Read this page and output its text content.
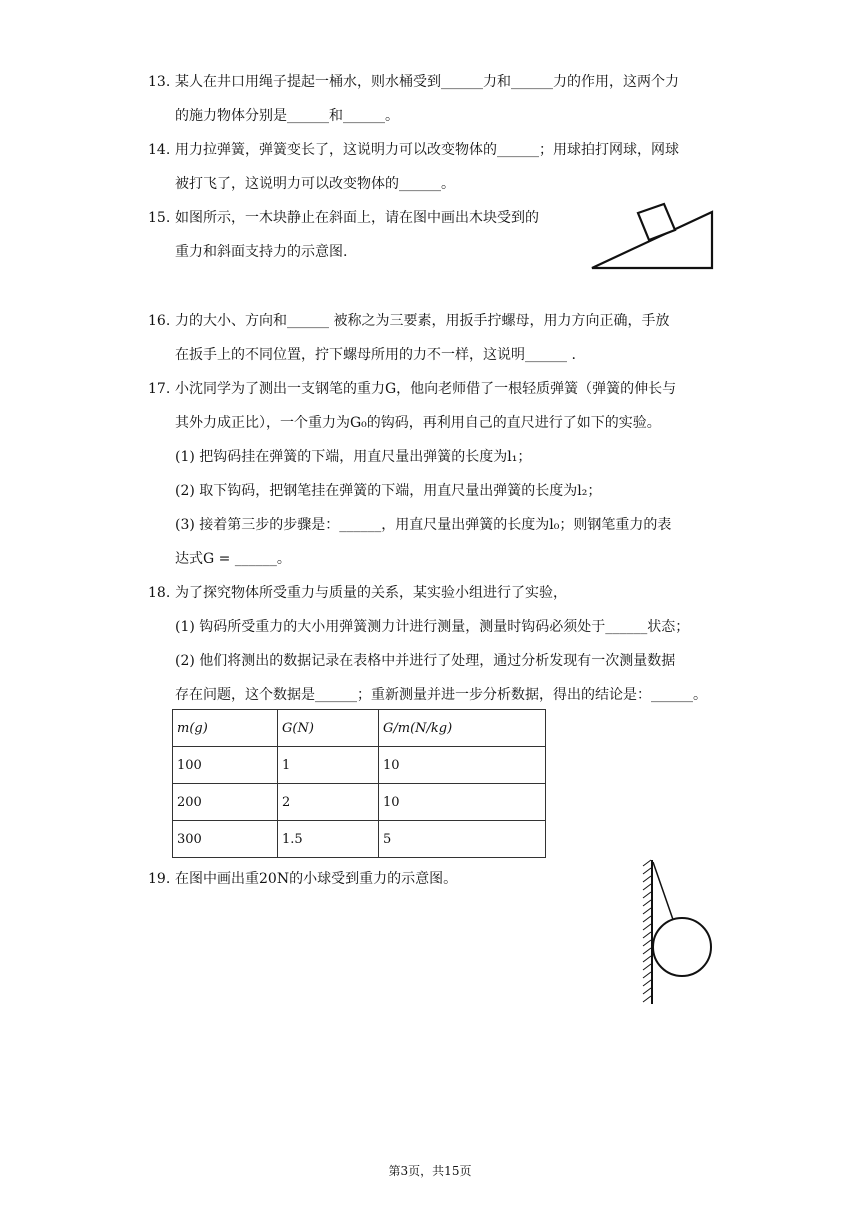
13. 某人在井口用绳子提起一桶水，则水桶受到______力和______力的作用，这两个力
的施力物体分别是______和______。
14. 用力拉弹簧，弹簧变长了，这说明力可以改变物体的______；用球拍打网球，网球
被打飞了，这说明力可以改变物体的______。
15. 如图所示，一木块静止在斜面上，请在图中画出木块受到的
重力和斜面支持力的示意图.
16. 力的大小、方向和______ 被称之为三要素，用扳手拧螺母，用力方向正确，手放
在扳手上的不同位置，拧下螺母所用的力不一样，这说明______ .
17. 小沈同学为了测出一支钢笔的重力G，他向老师借了一根轻质弹簧（弹簧的伸长与
其外力成正比），一个重力为G₀的钩码，再利用自己的直尺进行了如下的实验。
(1) 把钩码挂在弹簧的下端，用直尺量出弹簧的长度为l₁；
(2) 取下钩码，把钢笔挂在弹簧的下端，用直尺量出弹簧的长度为l₂；
(3) 接着第三步的步骤是：______，用直尺量出弹簧的长度为l₀；则钢笔重力的表
达式G = ______。
18. 为了探究物体所受重力与质量的关系，某实验小组进行了实验，
(1) 钩码所受重力的大小用弹簧测力计进行测量，测量时钩码必须处于______状态；
(2) 他们将测出的数据记录在表格中并进行了处理，通过分析发现有一次测量数据
存在问题，这个数据是______；重新测量并进一步分析数据，得出的结论是：______。
m(g)	G(N)	G/m(N/kg)
100	1	10
200	2	10
300	1.5	5
19. 在图中画出重20N的小球受到重力的示意图。
第3页，共15页
